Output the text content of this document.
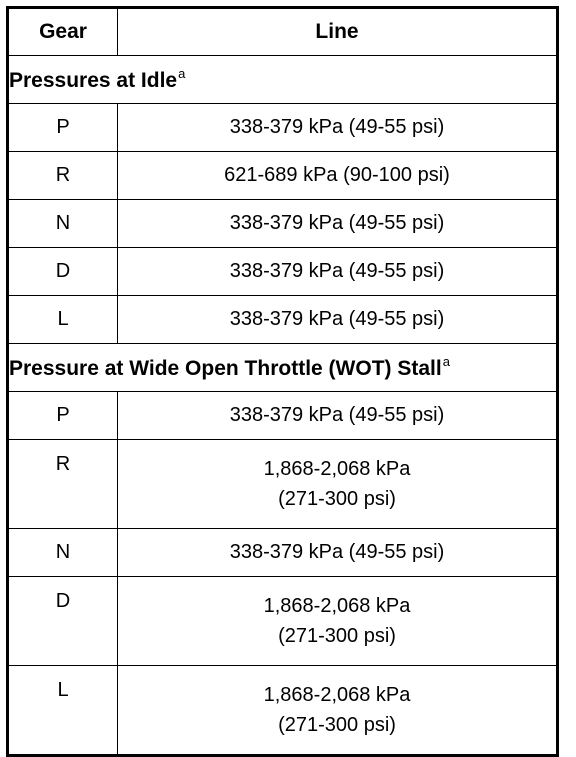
Gear	Line
Pressures at Idle$^a$
P	338-379 kPa (49-55 psi)

R	621-689 kPa (90-100 psi)

N	338-379 kPa (49-55 psi)

D	338-379 kPa (49-55 psi)

L	338-379 kPa (49-55 psi)

Pressure at Wide Open Throttle (WOT) Stall$^a$
P	338-379 kPa (49-55 psi)

R	1,868-2,068 kPa
(271-300 psi)

N	338-379 kPa (49-55 psi)

D	1,868-2,068 kPa
(271-300 psi)

L	1,868-2,068 kPa
(271-300 psi)
